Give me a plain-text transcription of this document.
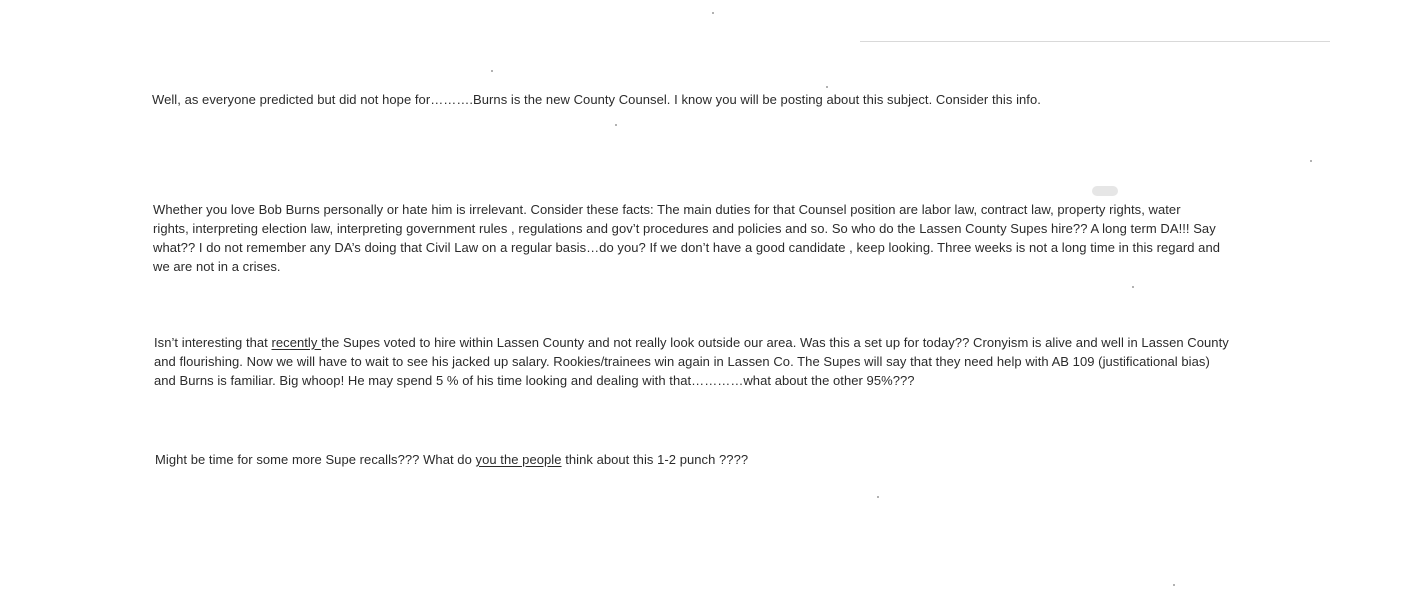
Well, as everyone predicted but did not hope for……….Burns is the new County Counsel. I know you will be posting about this subject. Consider this info.
Whether you love Bob Burns personally or hate him is irrelevant. Consider these facts: The main duties for that Counsel position are labor law, contract law, property rights, water
rights, interpreting election law, interpreting government rules , regulations and gov’t procedures and policies and so. So who do the Lassen County Supes hire?? A long term DA!!! Say
what?? I do not remember any DA’s doing that Civil Law on a regular basis…do you? If we don’t have a good candidate , keep looking. Three weeks is not a long time in this regard and
we are not in a crises.
Isn’t interesting that recently the Supes voted to hire within Lassen County and not really look outside our area. Was this a set up for today?? Cronyism is alive and well in Lassen County
and flourishing. Now we will have to wait to see his jacked up salary. Rookies/trainees win again in Lassen Co. The Supes will say that they need help with AB 109 (justificational bias)
and Burns is familiar. Big whoop! He may spend 5 % of his time looking and dealing with that…………what about the other 95%???
Might be time for some more Supe recalls??? What do you the people think about this 1-2 punch ????
